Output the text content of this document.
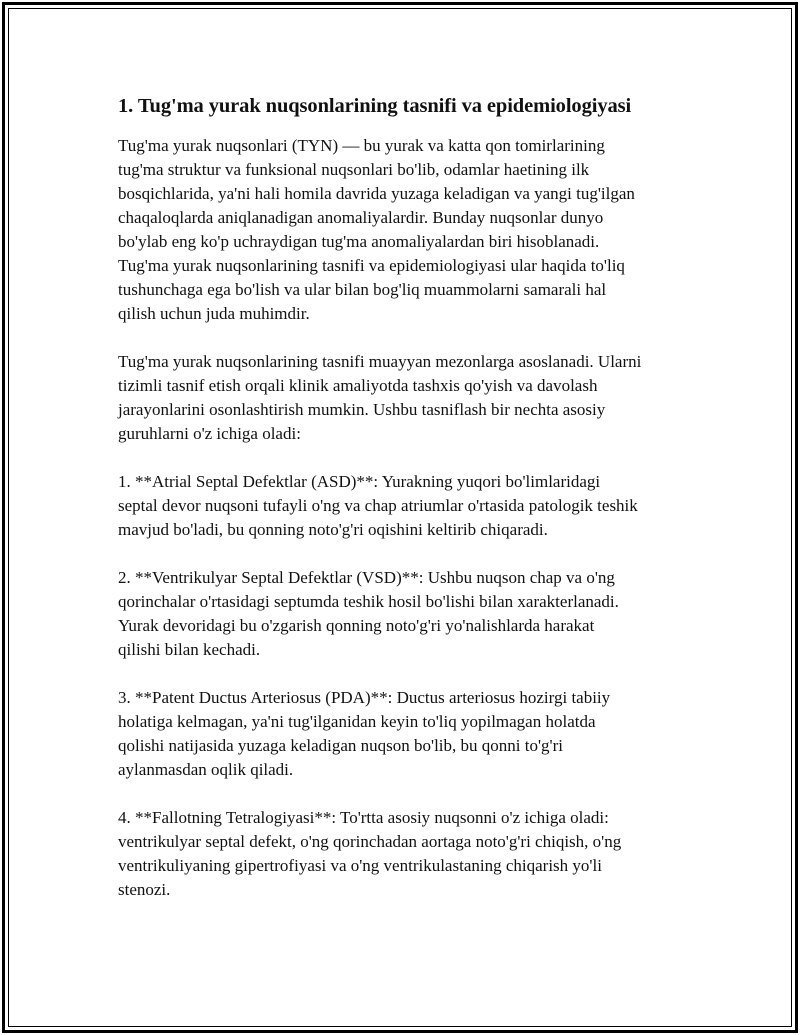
1. Tug'ma yurak nuqsonlarining tasnifi va epidemiologiyasi

Tug'ma yurak nuqsonlari (TYN) — bu yurak va katta qon tomirlarining
tug'ma struktur va funksional nuqsonlari bo'lib, odamlar haetining ilk
bosqichlarida, ya'ni hali homila davrida yuzaga keladigan va yangi tug'ilgan
chaqaloqlarda aniqlanadigan anomaliyalardir. Bunday nuqsonlar dunyo
bo'ylab eng ko'p uchraydigan tug'ma anomaliyalardan biri hisoblanadi.
Tug'ma yurak nuqsonlarining tasnifi va epidemiologiyasi ular haqida to'liq
tushunchaga ega bo'lish va ular bilan bog'liq muammolarni samarali hal
qilish uchun juda muhimdir.

Tug'ma yurak nuqsonlarining tasnifi muayyan mezonlarga asoslanadi. Ularni
tizimli tasnif etish orqali klinik amaliyotda tashxis qo'yish va davolash
jarayonlarini osonlashtirish mumkin. Ushbu tasniflash bir nechta asosiy
guruhlarni o'z ichiga oladi:

1. **Atrial Septal Defektlar (ASD)**: Yurakning yuqori bo'limlaridagi
septal devor nuqsoni tufayli o'ng va chap atriumlar o'rtasida patologik teshik
mavjud bo'ladi, bu qonning noto'g'ri oqishini keltirib chiqaradi.

2. **Ventrikulyar Septal Defektlar (VSD)**: Ushbu nuqson chap va o'ng
qorinchalar o'rtasidagi septumda teshik hosil bo'lishi bilan xarakterlanadi.
Yurak devoridagi bu o'zgarish qonning noto'g'ri yo'nalishlarda harakat
qilishi bilan kechadi.

3. **Patent Ductus Arteriosus (PDA)**: Ductus arteriosus hozirgi tabiiy
holatiga kelmagan, ya'ni tug'ilganidan keyin to'liq yopilmagan holatda
qolishi natijasida yuzaga keladigan nuqson bo'lib, bu qonni to'g'ri
aylanmasdan oqlik qiladi.

4. **Fallotning Tetralogiyasi**: To'rtta asosiy nuqsonni o'z ichiga oladi:
ventrikulyar septal defekt, o'ng qorinchadan aortaga noto'g'ri chiqish, o'ng
ventrikuliyaning gipertrofiyasi va o'ng ventrikulastaning chiqarish yo'li
stenozi.
